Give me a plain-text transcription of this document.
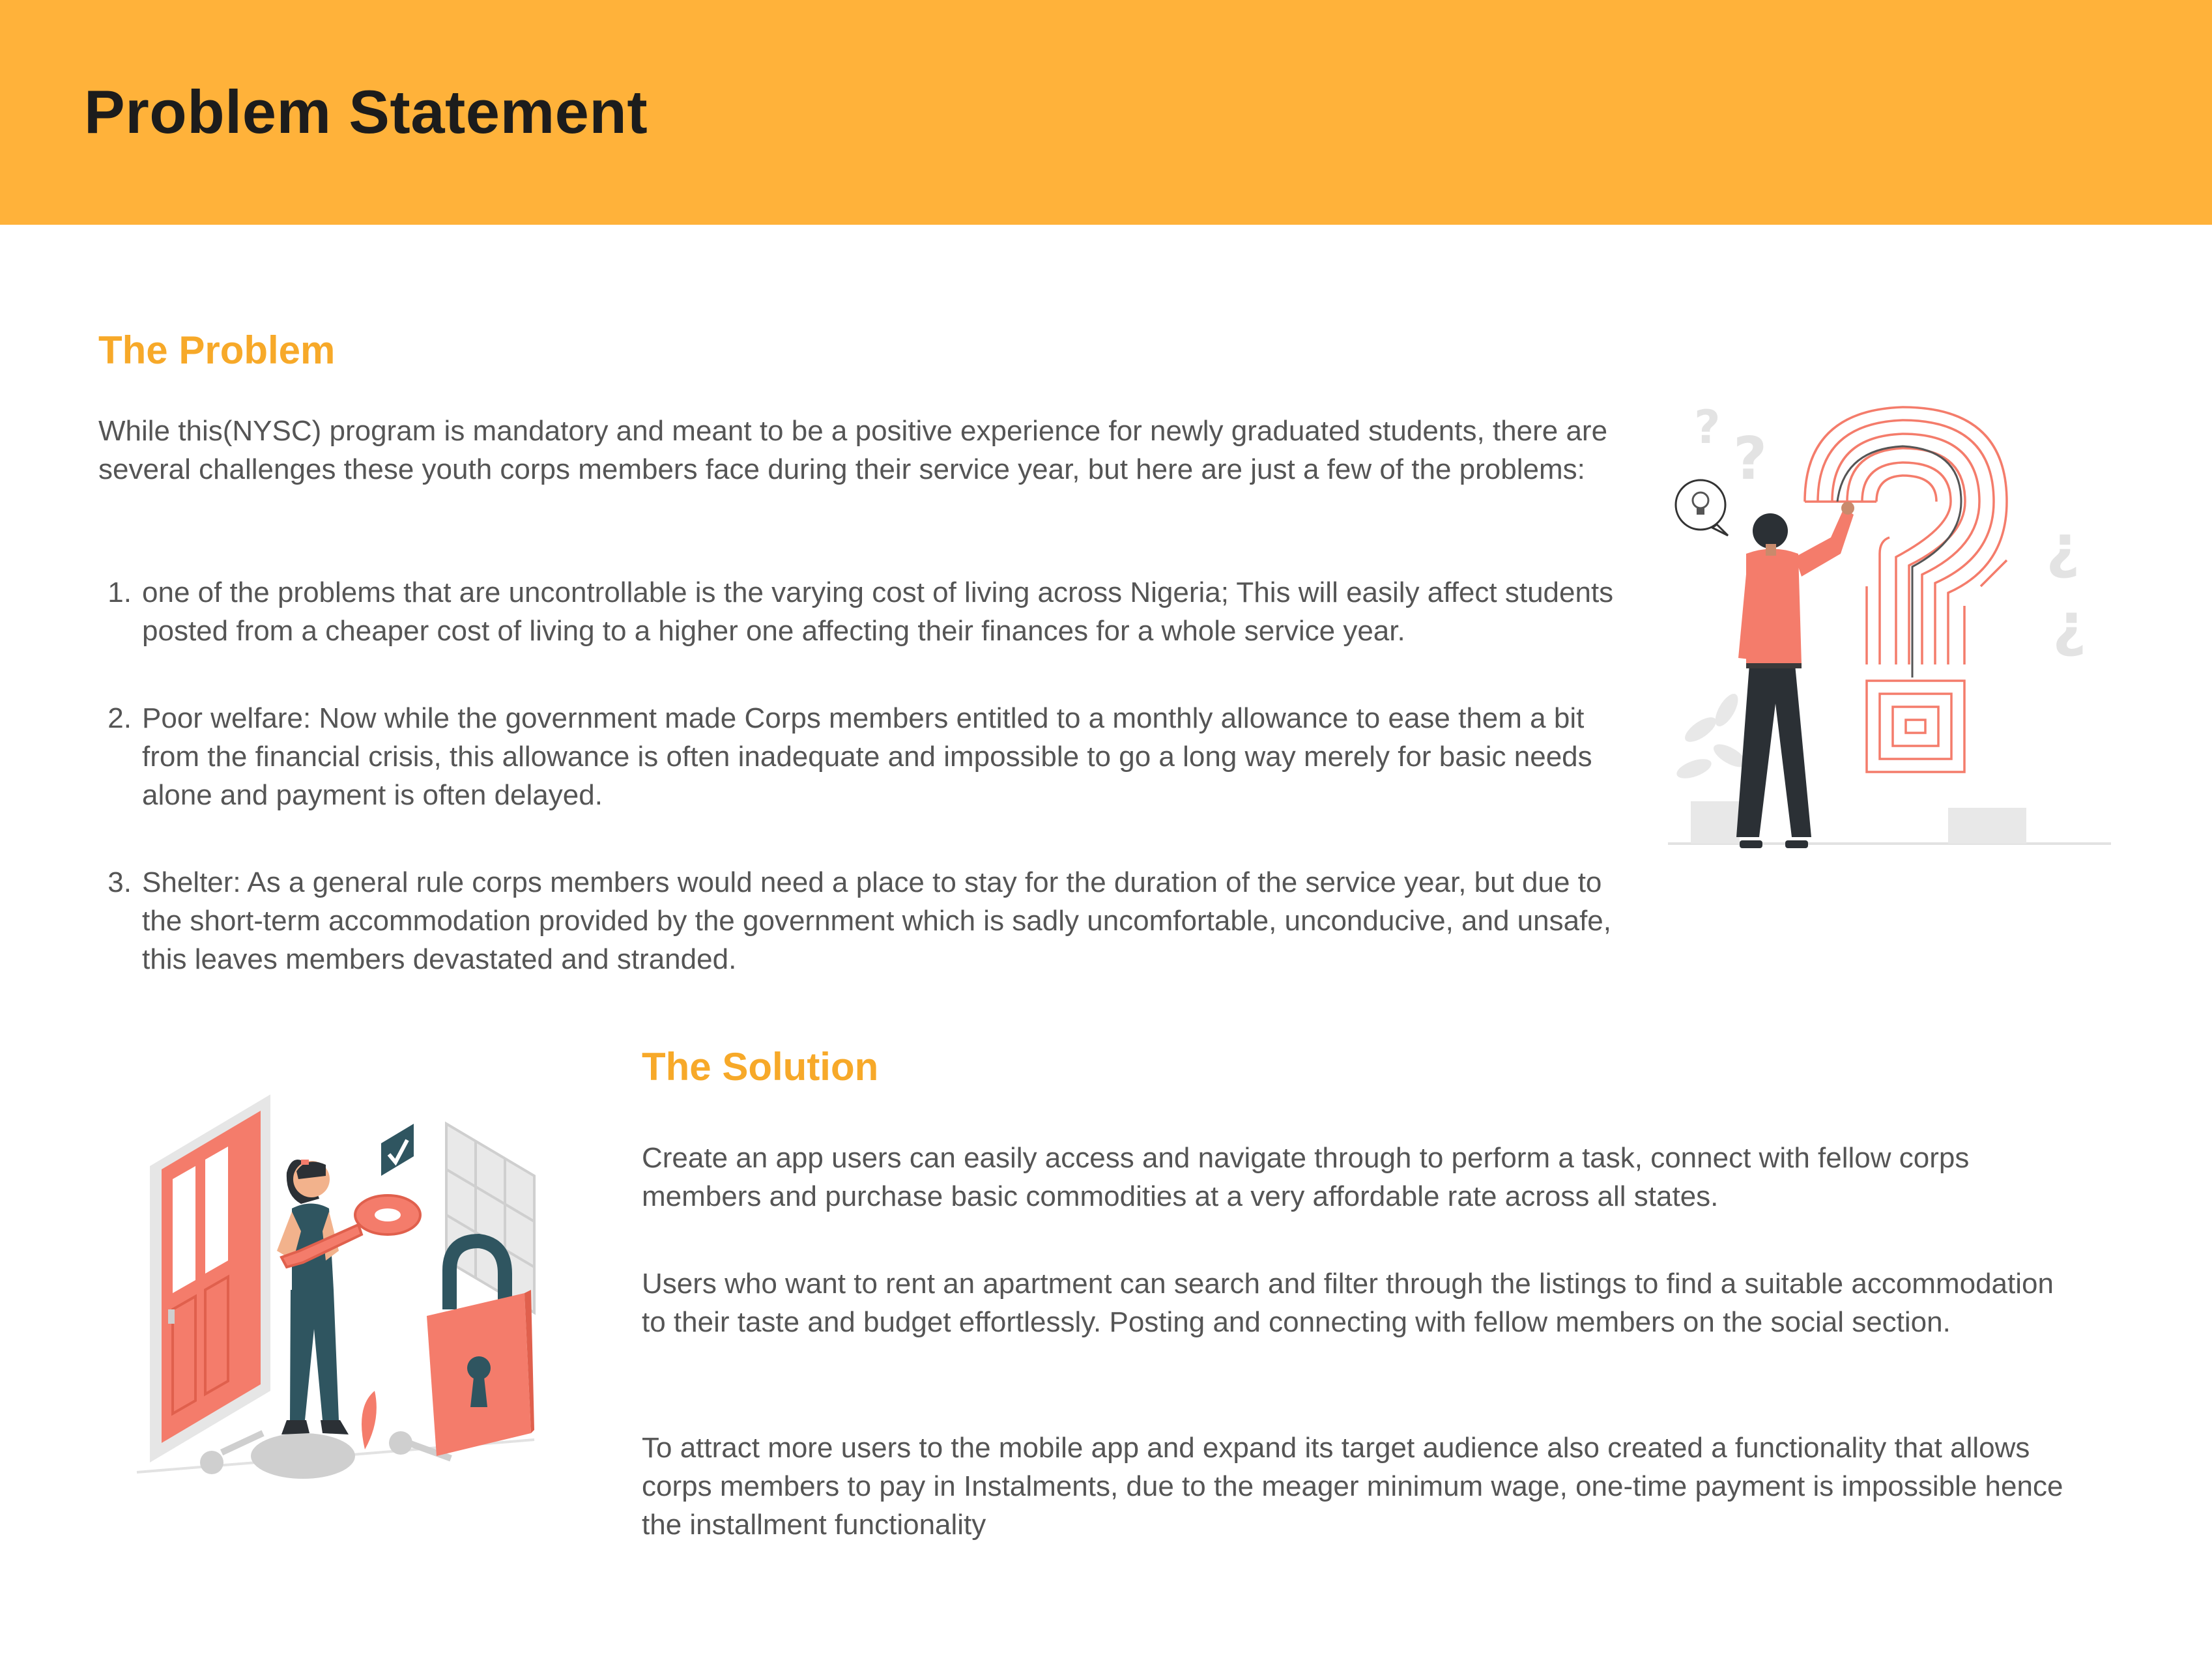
Problem Statement
The Problem

While this(NYSC) program is mandatory and meant to be a positive experience for newly graduated students, there are several challenges these youth corps members face during their service year, but here are just a few of the problems:

1. one of the problems that are uncontrollable is the varying cost of living across Nigeria; This will easily affect students posted from a cheaper cost of living to a higher one affecting their finances for a whole service year.
2. Poor welfare: Now while the government made Corps members entitled to a monthly allowance to ease them a bit from the financial crisis, this allowance is often inadequate and impossible to go a long way merely for basic needs alone and payment is often delayed.
3. Shelter: As a general rule corps members would need a place to stay for the duration of the service year, but due to the short-term accommodation provided by the government which is sadly uncomfortable, unconducive, and unsafe, this leaves members devastated and stranded.
The Solution

Create an app users can easily access and navigate through to perform a task, connect with fellow corps members and purchase basic commodities at a very affordable rate across all states.

Users who want to rent an apartment can search and filter through the listings to find a suitable accommodation to their taste and budget effortlessly. Posting and connecting with fellow members on the social section.

To attract more users to the mobile app and expand its target audience also created a functionality that allows corps members to pay in Instalments, due to the meager minimum wage, one-time payment is impossible hence the installment functionality

? ?
¿
¿
